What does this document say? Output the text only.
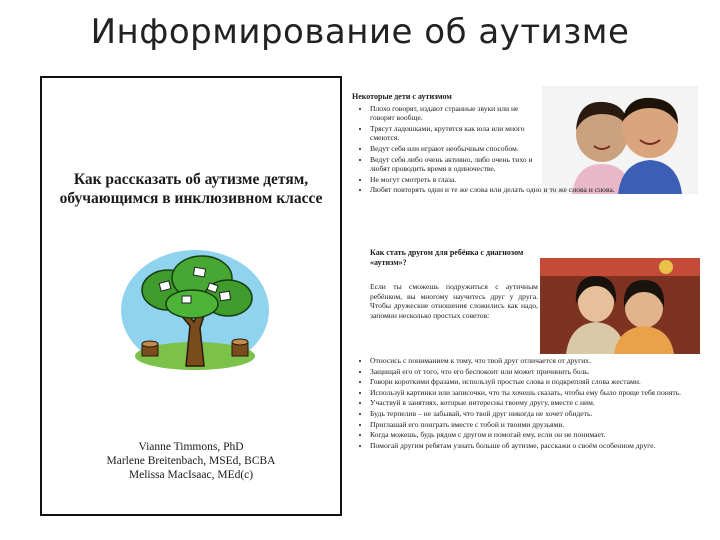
Информирование об аутизме
Как рассказать об аутизме детям, обучающимся в инклюзивном классе
Vianne Timmons, PhD
Marlene Breitenbach, MSEd, BCBA
Melissa MacIsaac, MEd(c)
Некоторые дети с аутизмом
• Плохо говорят, издают странные звуки или не говорят вообще.
• Трясут ладошками, крутятся как юла или много смеются.
• Ведут себя или играют необычным способом.
• Ведут себя либо очень активно, либо очень тихо и любят проводить время в одиночестве.
• Не могут смотреть в глаза.
• Любят повторять одни и те же слова или делать одно и то же снова и снова.
Как стать другом для ребёнка с диагнозом «аутизм»?
Если ты сможешь подружиться с аутичным ребёнком, вы многому научитесь друг у друга. Чтобы дружеские отношения сложились как надо, запомни несколько простых советов:
• Относись с пониманием к тому, что твой друг отличается от других.
• Защищай его от того, что его беспокоит или может причинить боль.
• Говори короткими фразами, используй простые слова и подкрепляй слова жестами.
• Используй картинки или записочки, что ты хочешь сказать, чтобы ему было проще тебя понять.
• Участвуй в занятиях, которые интересны твоему другу, вместе с ним.
• Будь терпелив – не забывай, что твой друг никогда не хочет обидеть.
• Приглашай его поиграть вместе с тобой и твоими друзьями.
• Когда можешь, будь рядом с другом и помогай ему, если он не понимает.
• Помогай другим ребятам узнать больше об аутизме, расскажи о своём особенном друге.
